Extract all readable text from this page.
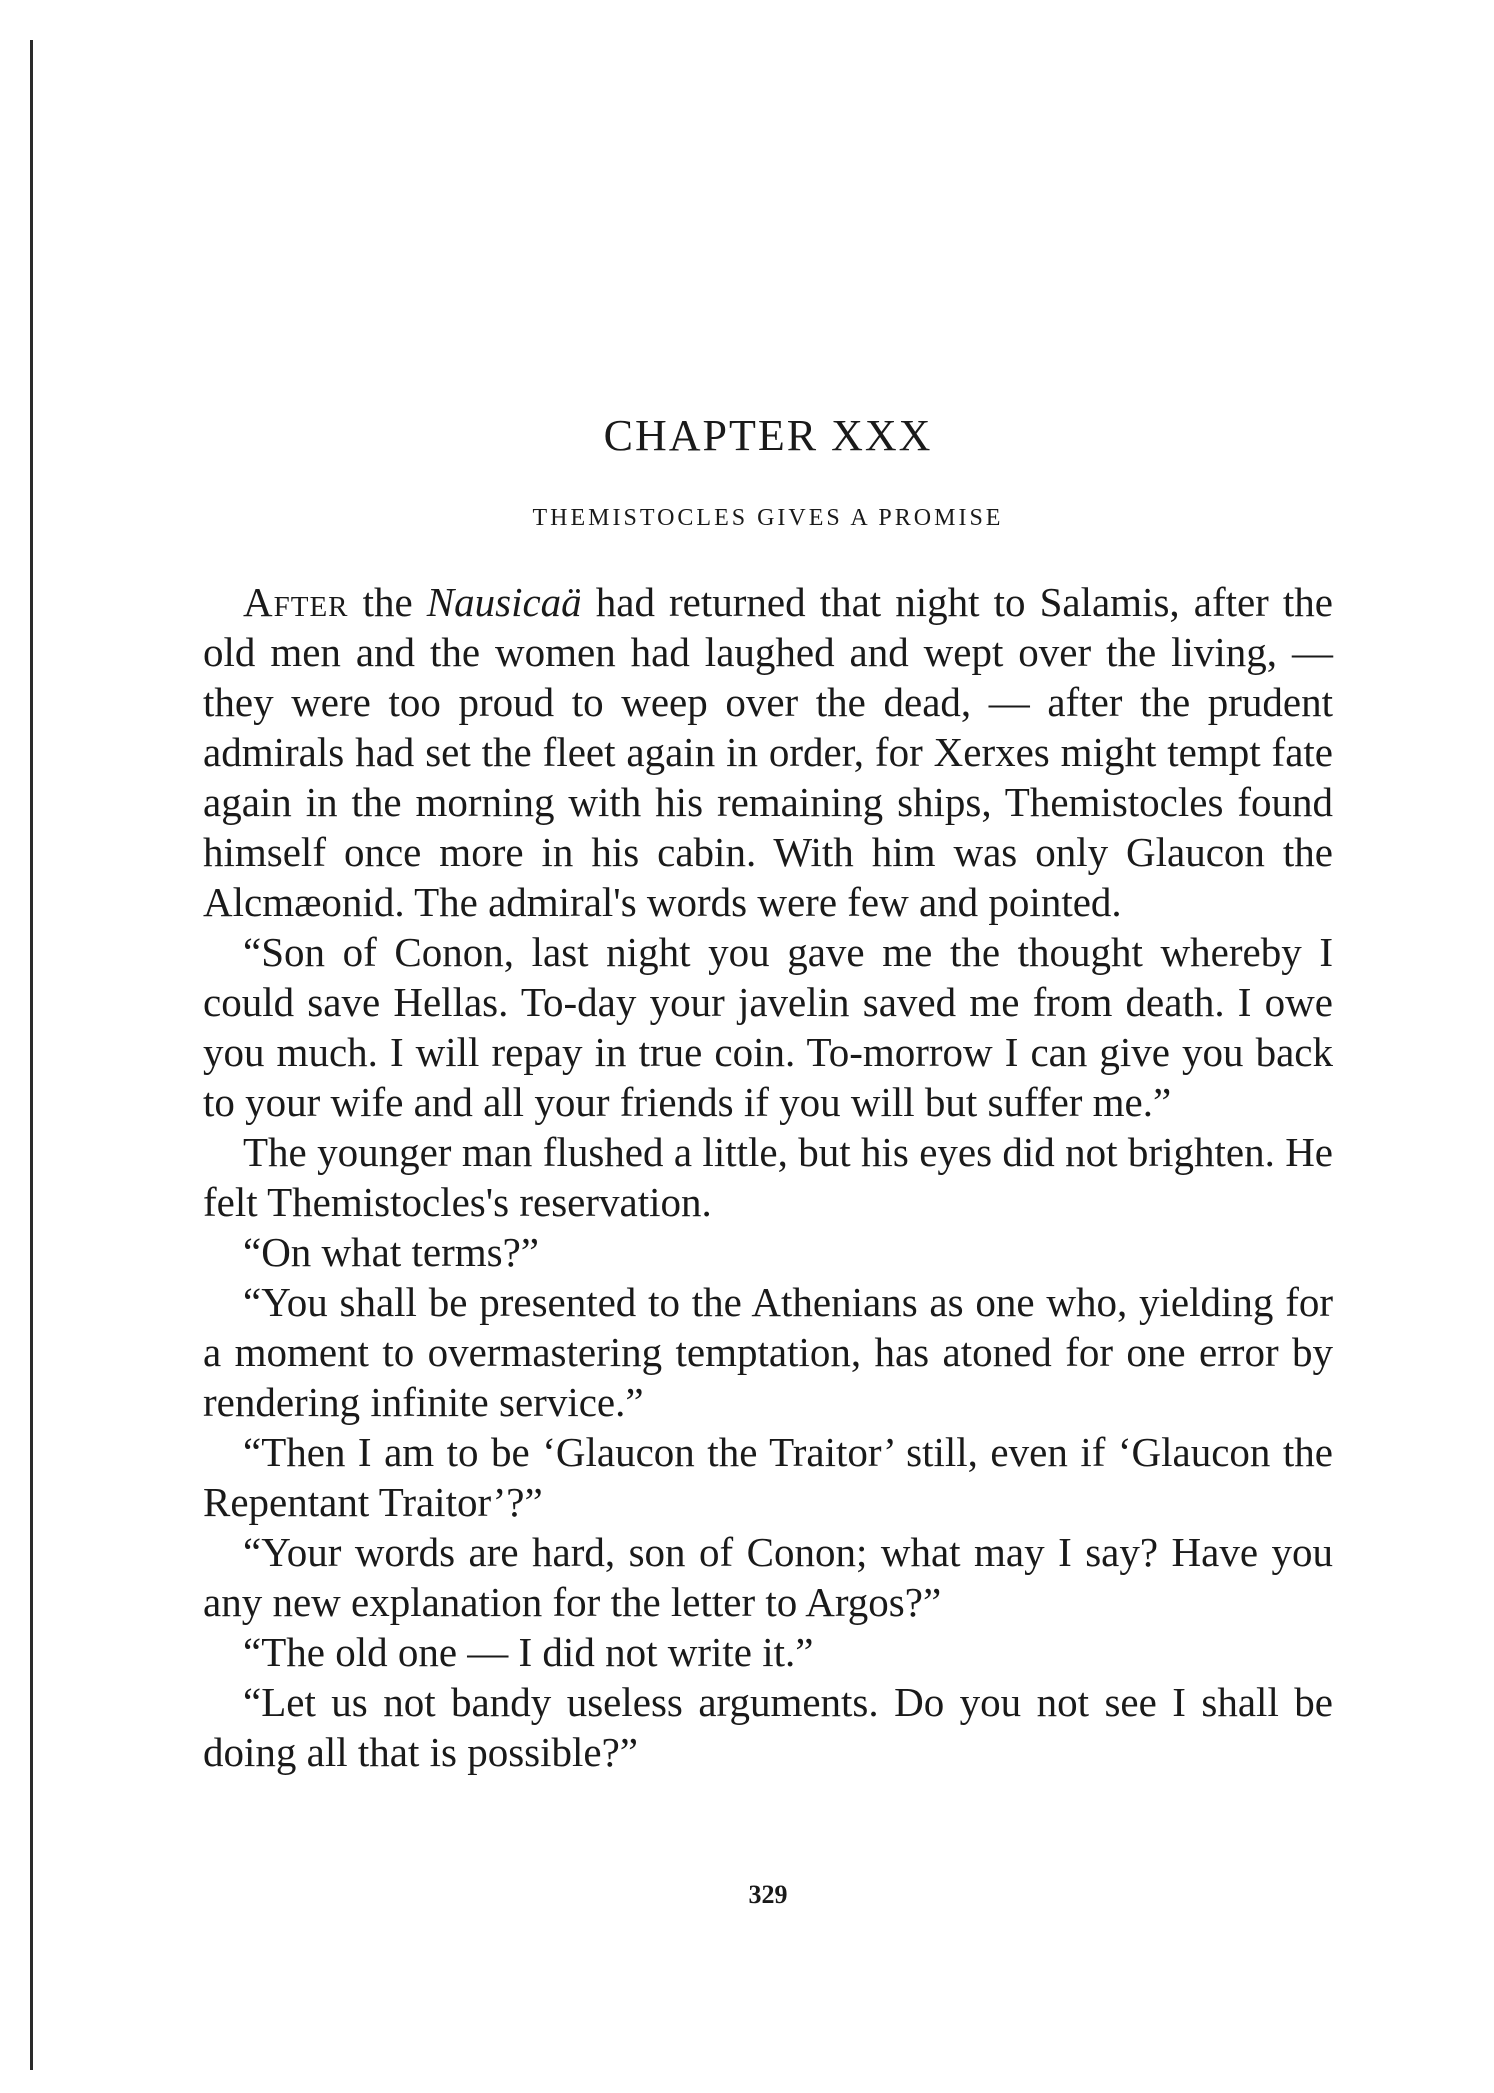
CHAPTER XXX
THEMISTOCLES GIVES A PROMISE

After the Nausicaä had returned that night to Salamis, after the old men and the women had laughed and wept over the living, — they were too proud to weep over the dead, — after the prudent admirals had set the fleet again in order, for Xerxes might tempt fate again in the morning with his remaining ships, Themistocles found himself once more in his cabin. With him was only Glaucon the Alcmæonid. The admiral's words were few and pointed.

“Son of Conon, last night you gave me the thought whereby I could save Hellas. To-day your javelin saved me from death. I owe you much. I will repay in true coin. To-morrow I can give you back to your wife and all your friends if you will but suffer me.”

The younger man flushed a little, but his eyes did not brighten. He felt Themistocles's reservation.

“On what terms?”

“You shall be presented to the Athenians as one who, yielding for a moment to overmastering temptation, has atoned for one error by rendering infinite service.”

“Then I am to be ‘Glaucon the Traitor’ still, even if ‘Glaucon the Repentant Traitor’?”

“Your words are hard, son of Conon; what may I say? Have you any new explanation for the letter to Argos?”

“The old one — I did not write it.”

“Let us not bandy useless arguments. Do you not see I shall be doing all that is possible?”

329
